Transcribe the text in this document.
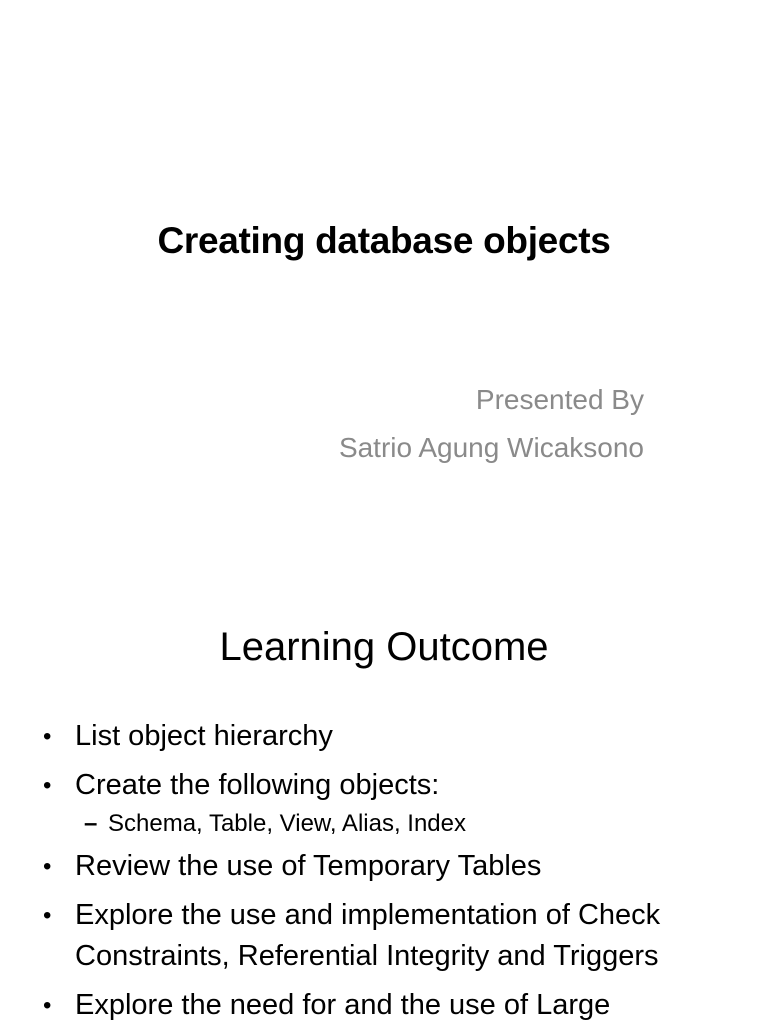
Creating database objects
Presented By
Satrio Agung Wicaksono
Learning Outcome
• List object hierarchy
• Create the following objects:
– Schema, Table, View, Alias, Index
• Review the use of Temporary Tables
• Explore the use and implementation of Check
Constraints, Referential Integrity and Triggers
• Explore the need for and the use of Large
